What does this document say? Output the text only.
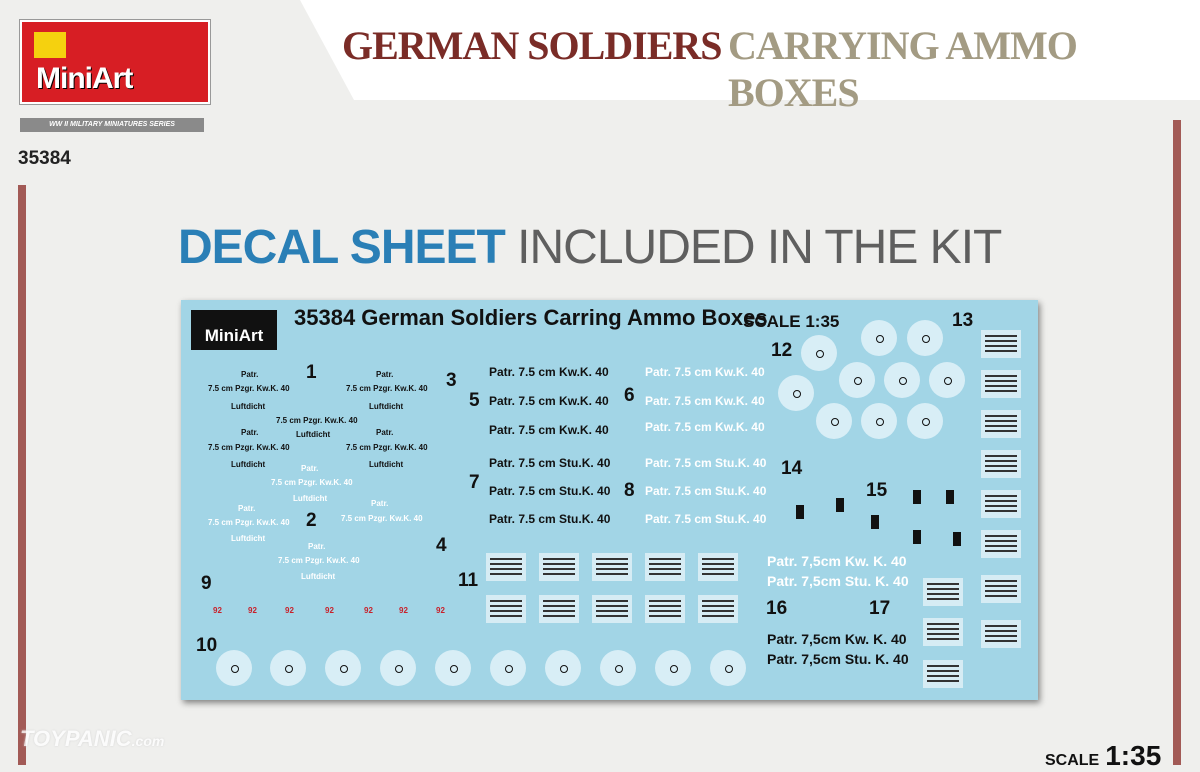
MiniArt
WW II MILITARY MINIATURES SERIES
35384
GERMAN SOLDIERS CARRYING AMMO BOXES
DECAL SHEET INCLUDED IN THE KIT
MiniArt
35384 German Soldiers Carring Ammo Boxes
SCALE 1:35
1
2
3
4
5	6
7	8
9
10
11
12
13
14
15
16	17
Patr.
7.5 cm Pzgr. Kw.K. 40
Luftdicht
Patr.
7.5 cm Pzgr. Kw.K. 40
Luftdicht
7.5 cm Pzgr. Kw.K. 40
Patr.
7.5 cm Pzgr. Kw.K. 40
Luftdicht
Patr.
7.5 cm Pzgr. Kw.K. 40
Luftdicht
Luftdicht
Patr.
7.5 cm Pzgr. Kw.K. 40
Luftdicht
Patr.
7.5 cm Pzgr. Kw.K. 40
Luftdicht
Patr.
7.5 cm Pzgr. Kw.K. 40
Patr.
7.5 cm Pzgr. Kw.K. 40
Luftdicht
Patr. 7.5 cm Kw.K. 40
Patr. 7.5 cm Kw.K. 40
Patr. 7.5 cm Kw.K. 40
Patr. 7.5 cm Kw.K. 40
Patr. 7.5 cm Kw.K. 40
Patr. 7.5 cm Kw.K. 40
Patr. 7.5 cm Stu.K. 40
Patr. 7.5 cm Stu.K. 40
Patr. 7.5 cm Stu.K. 40
Patr. 7.5 cm Stu.K. 40
Patr. 7.5 cm Stu.K. 40
Patr. 7.5 cm Stu.K. 40
Patr. 7,5cm Kw. K. 40
Patr. 7,5cm Stu. K. 40
Patr. 7,5cm Kw. K. 40
Patr. 7,5cm Stu. K. 40
92	92	92	92	92	92	92
TOYPANIC.com
SCALE 1:35
